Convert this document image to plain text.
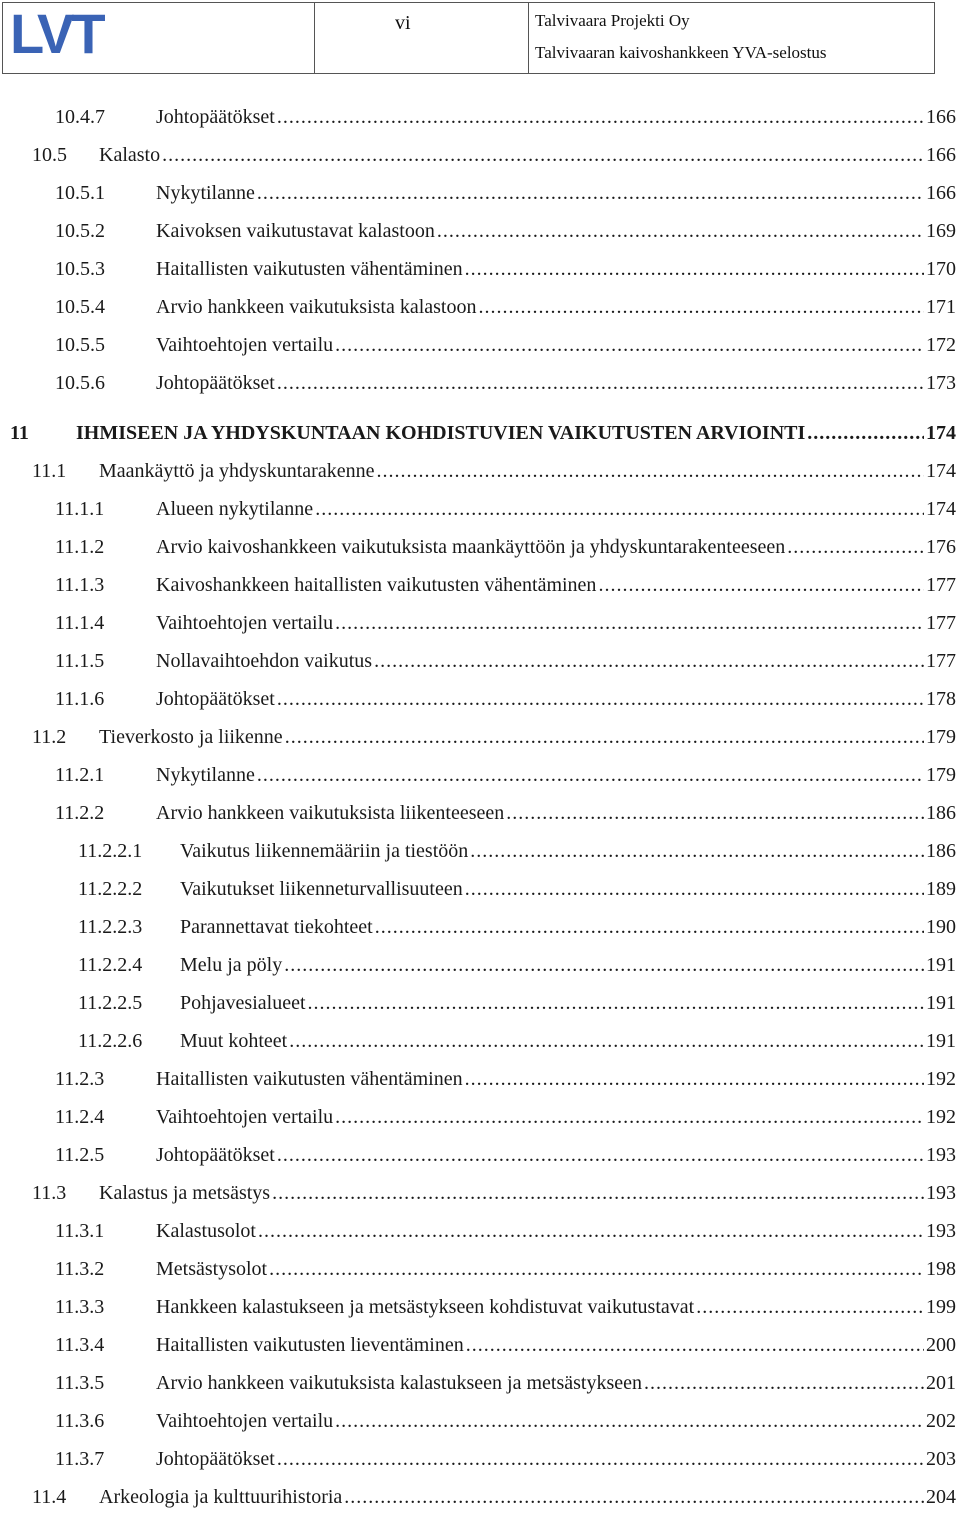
LVT	vi	Talvivaara Projekti Oy
Talvivaaran kaivoshankkeen YVA-selostus
10.4.7	Johtopäätökset .....	166
10.5 Kalasto .....	166
10.5.1	Nykytilanne .....	166
10.5.2	Kaivoksen vaikutustavat kalastoon .....	169
10.5.3	Haitallisten vaikutusten vähentäminen .....	170
10.5.4	Arvio hankkeen vaikutuksista kalastoon .....	171
10.5.5	Vaihtoehtojen vertailu .....	172
10.5.6	Johtopäätökset .....	173
11 IHMISEEN JA YHDYSKUNTAAN KOHDISTUVIEN VAIKUTUSTEN ARVIOINTI .....	174
11.1 Maankäyttö ja yhdyskuntarakenne .....	174
11.1.1	Alueen nykytilanne .....	174
11.1.2	Arvio kaivoshankkeen vaikutuksista maankäyttöön ja yhdyskuntarakenteeseen .....	176
11.1.3	Kaivoshankkeen haitallisten vaikutusten vähentäminen .....	177
11.1.4	Vaihtoehtojen vertailu .....	177
11.1.5	Nollavaihtoehdon vaikutus .....	177
11.1.6	Johtopäätökset .....	178
11.2 Tieverkosto ja liikenne .....	179
11.2.1	Nykytilanne .....	179
11.2.2	Arvio hankkeen vaikutuksista liikenteeseen .....	186
11.2.2.1 Vaikutus liikennemääriin ja tiestöön .....	186
11.2.2.2 Vaikutukset liikenneturvallisuuteen .....	189
11.2.2.3 Parannettavat tiekohteet .....	190
11.2.2.4 Melu ja pöly .....	191
11.2.2.5 Pohjavesialueet .....	191
11.2.2.6 Muut kohteet .....	191
11.2.3	Haitallisten vaikutusten vähentäminen .....	192
11.2.4	Vaihtoehtojen vertailu .....	192
11.2.5	Johtopäätökset .....	193
11.3 Kalastus ja metsästys .....	193
11.3.1	Kalastusolot .....	193
11.3.2	Metsästysolot .....	198
11.3.3	Hankkeen kalastukseen ja metsästykseen kohdistuvat vaikutustavat .....	199
11.3.4	Haitallisten vaikutusten lieventäminen .....	200
11.3.5	Arvio hankkeen vaikutuksista kalastukseen ja metsästykseen .....	201
11.3.6	Vaihtoehtojen vertailu .....	202
11.3.7	Johtopäätökset .....	203
11.4 Arkeologia ja kulttuurihistoria .....	204
